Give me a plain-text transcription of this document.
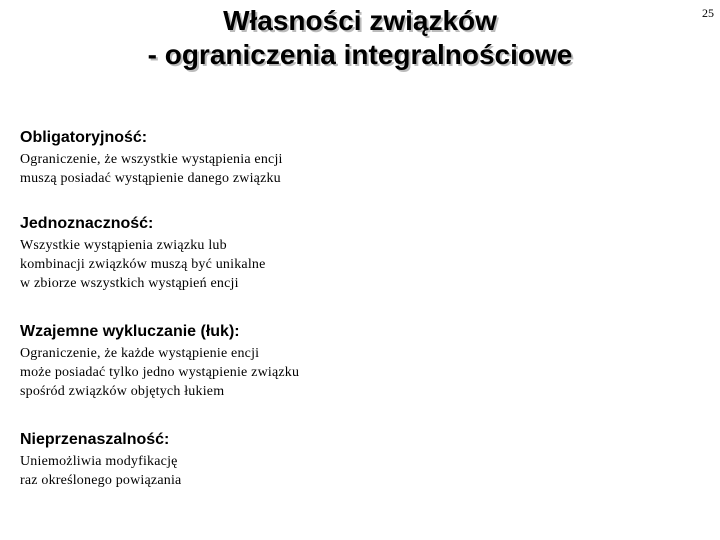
Własności związków
- ograniczenia integralnościowe
25
Obligatoryjność:

Ograniczenie, że wszystkie wystąpienia encji
muszą posiadać wystąpienie danego związku

Jednoznaczność:

Wszystkie wystąpienia związku lub
kombinacji związków muszą być unikalne
w zbiorze wszystkich wystąpień encji

Wzajemne wykluczanie (łuk):

Ograniczenie, że każde wystąpienie encji
może posiadać tylko jedno wystąpienie związku
spośród związków objętych łukiem

Nieprzenaszalność:

Uniemożliwia modyfikację
raz określonego powiązania
